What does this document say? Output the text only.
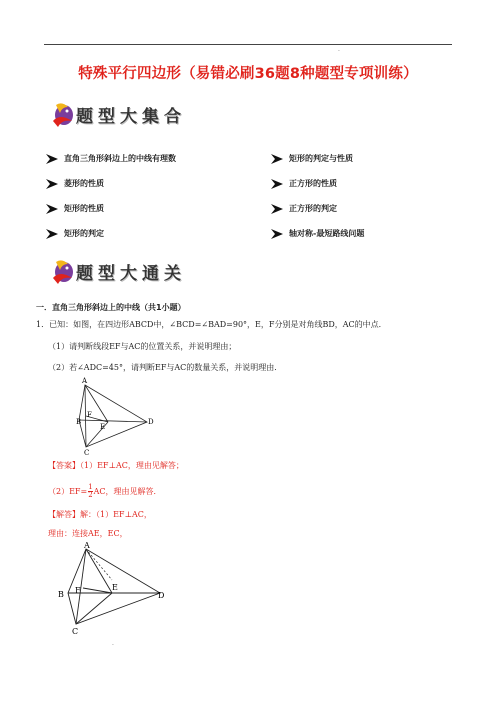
·
特殊平行四边形（易错必刷36题8种题型专项训练）
题型大集合
直角三角形斜边上的中线有理数	矩形的判定与性质
菱形的性质	正方形的性质
矩形的性质	正方形的判定
矩形的判定	轴对称-最短路线问题
题型大通关
一．直角三角形斜边上的中线（共1小题）
1．已知：如图，在四边形ABCD中，∠BCD=∠BAD=90°，E，F分别是对角线BD，AC的中点．
（1）请判断线段EF与AC的位置关系，并说明理由；
（2）若∠ADC=45°，请判断EF与AC的数量关系，并说明理由．
A
B
C
D
E
F
【答案】（1）EF⊥AC，理由见解答；
$(2)EF= \frac{1}{2}$ AC，理由见解答．
【解答】解：（1）EF⊥AC，
理由：连接AE，EC，
A
B
C
D
E
F
·
